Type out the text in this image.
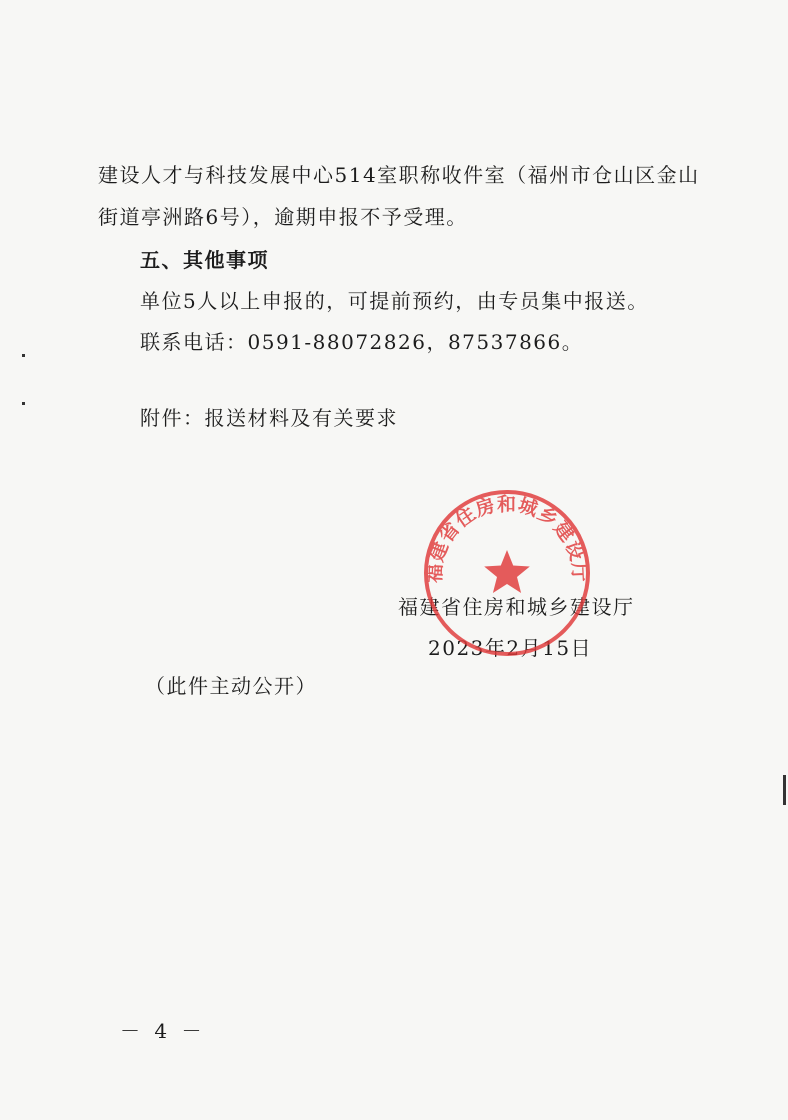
建设人才与科技发展中心514室职称收件室（福州市仓山区金山
街道亭洲路6号），逾期申报不予受理。
五、其他事项
单位5人以上申报的，可提前预约，由专员集中报送。
联系电话：0591-88072826，87537866。
附件：报送材料及有关要求
福建省住房和城乡建设厅
2023年2月15日
福建省住房和城乡建设厅
（此件主动公开）
－ 4 －
